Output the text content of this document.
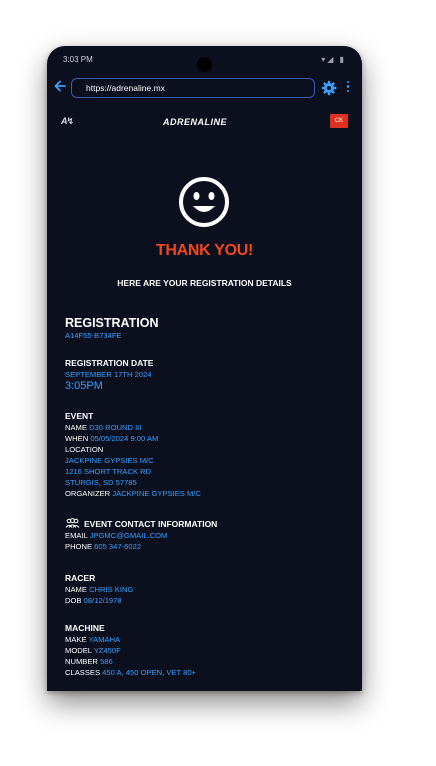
3:03 PM	▾◢ ▮
https://adrenaline.mx
A↯	ADRENALINE	CK
THANK YOU!
HERE ARE YOUR REGISTRATION DETAILS
REGISTRATION
A14F55-B734FE
REGISTRATION DATE
SEPTEMBER 17TH 2024
3:05PM
EVENT
NAME D30 ROUND III
WHEN 05/05/2024 9:00 AM
LOCATION
JACKPINE GYPSIES M/C
1216 SHORT TRACK RD
STURGIS, SD 57785
ORGANIZER JACKPINE GYPSIES M/C
EVENT CONTACT INFORMATION
EMAIL JPGMC@GMAIL.COM
PHONE 605 347-6022
RACER
NAME CHRIS KING
DOB 08/12/1978
MACHINE
MAKE YAMAHA
MODEL YZ450F
NUMBER 586
CLASSES 450 A, 450 OPEN, VET 80+
